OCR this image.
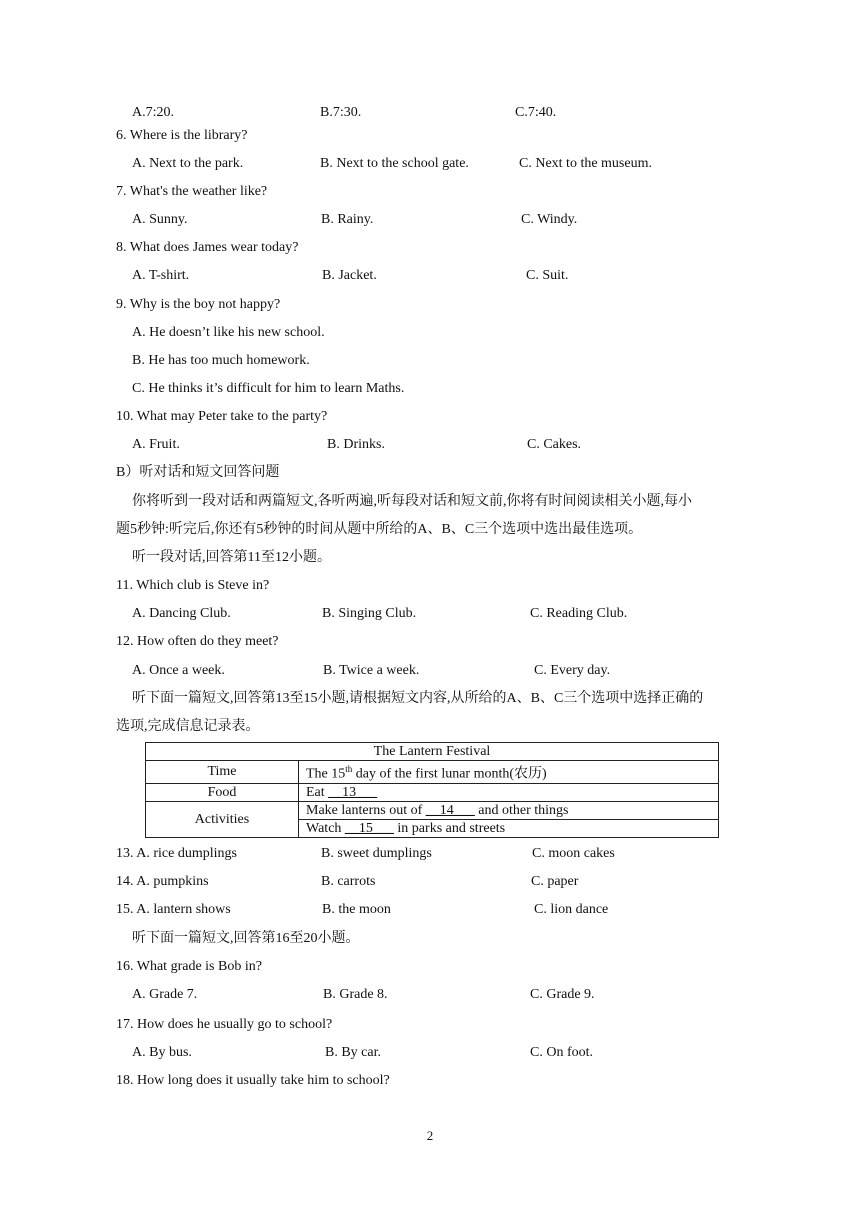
A.7:20.	B.7:30.	C.7:40.
6. Where is the library?
A. Next to the park.	B. Next to the school gate.	C. Next to the museum.
7. What's the weather like?
A. Sunny.	B. Rainy.	C. Windy.
8. What does James wear today?
A. T-shirt.	B. Jacket.	C. Suit.
9. Why is the boy not happy?
A. He doesn’t like his new school.
B. He has too much homework.
C. He thinks it’s difficult for him to learn Maths.
10. What may Peter take to the party?
A. Fruit.	B. Drinks.	C. Cakes.
B）听对话和短文回答问题
你将听到一段对话和两篇短文,各听两遍,听每段对话和短文前,你将有时间阅读相关小题,每小
题5秒钟:听完后,你还有5秒钟的时间从题中所给的A、B、C三个选项中选出最佳选项。
听一段对话,回答第11至12小题。
11. Which club is Steve in?
A. Dancing Club.	B. Singing Club.	C. Reading Club.
12. How often do they meet?
A. Once a week.	B. Twice a week.	C. Every day.
听下面一篇短文,回答第13至15小题,请根据短文内容,从所给的A、B、C三个选项中选择正确的
选项,完成信息记录表。
The Lantern Festival	
Time	The 15th day of the first lunar month(农历)
Food	Eat __13___
Activities	Make lanterns out of __14___ and other things
	Watch __15___ in parks and streets
13. A. rice dumplings	B. sweet dumplings	C. moon cakes
14. A. pumpkins	B. carrots	C. paper
15. A. lantern shows	B. the moon	C. lion dance
听下面一篇短文,回答第16至20小题。
16. What grade is Bob in?
A. Grade 7.	B. Grade 8.	C. Grade 9.
17. How does he usually go to school?
A. By bus.	B. By car.	C. On foot.
18. How long does it usually take him to school?
2
